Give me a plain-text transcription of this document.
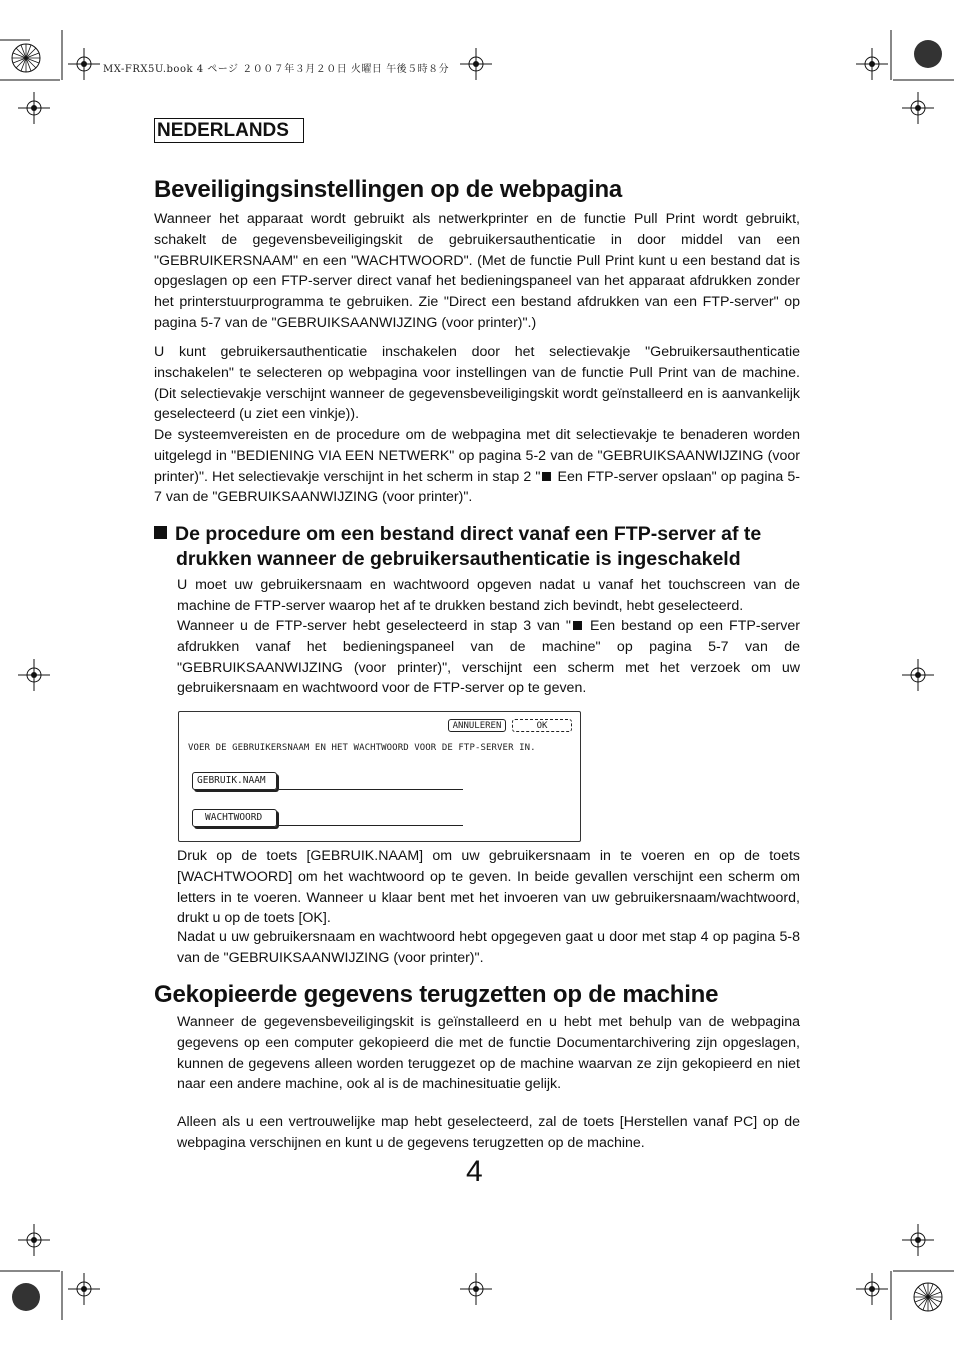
MX-FRX5U.book 4 ページ ２００７年３月２０日 火曜日 午後５時８分
NEDERLANDS
Beveiligingsinstellingen op de webpagina

Wanneer het apparaat wordt gebruikt als netwerkprinter en de functie Pull Print wordt gebruikt, schakelt de gegevensbeveiligingskit de gebruikersauthenticatie in door middel van een "GEBRUIKERSNAAM" en een "WACHTWOORD". (Met de functie Pull Print kunt u een bestand dat is opgeslagen op een FTP-server direct vanaf het bedieningspaneel van het apparaat afdrukken zonder het printerstuurprogramma te gebruiken. Zie "Direct een bestand afdrukken van een FTP-server" op pagina 5-7 van de "GEBRUIKSAANWIJZING (voor printer)".)

U kunt gebruikersauthenticatie inschakelen door het selectievakje "Gebruikersauthenticatie inschakelen" te selecteren op webpagina voor instellingen van de functie Pull Print van de machine. (Dit selectievakje verschijnt wanneer de gegevensbeveiligingskit wordt geïnstalleerd en is aanvankelijk geselecteerd (u ziet een vinkje)).

De systeemvereisten en de procedure om de webpagina met dit selectievakje te benaderen worden uitgelegd in "BEDIENING VIA EEN NETWERK" op pagina 5-2 van de "GEBRUIKSAANWIJZING (voor printer)". Het selectievakje verschijnt in het scherm in stap 2 " Een FTP-server opslaan" op pagina 5-7 van de "GEBRUIKSAANWIJZING (voor printer)".

De procedure om een bestand direct vanaf een FTP-server af te
drukken wanneer de gebruikersauthenticatie is ingeschakeld

U moet uw gebruikersnaam en wachtwoord opgeven nadat u vanaf het touchscreen van de machine de FTP-server waarop het af te drukken bestand zich bevindt, hebt geselecteerd.

Wanneer u de FTP-server hebt geselecteerd in stap 3 van " Een bestand op een FTP-server afdrukken vanaf het bedieningspaneel van de machine" op pagina 5-7 van de "GEBRUIKSAANWIJZING (voor printer)", verschijnt een scherm met het verzoek om uw gebruikersnaam en wachtwoord voor de FTP-server op te geven.

ANNULEREN	OK
VOER DE GEBRUIKERSNAAM EN HET WACHTWOORD VOOR DE FTP-SERVER IN.
GEBRUIK.NAAM
WACHTWOORD

Druk op de toets [GEBRUIK.NAAM] om uw gebruikersnaam in te voeren en op de toets [WACHTWOORD] om het wachtwoord op te geven. In beide gevallen verschijnt een scherm om letters in te voeren. Wanneer u klaar bent met het invoeren van uw gebruikersnaam/wachtwoord, drukt u op de toets [OK].

Nadat u uw gebruikersnaam en wachtwoord hebt opgegeven gaat u door met stap 4 op pagina 5-8 van de "GEBRUIKSAANWIJZING (voor printer)".

Gekopieerde gegevens terugzetten op de machine

Wanneer de gegevensbeveiligingskit is geïnstalleerd en u hebt met behulp van de webpagina gegevens op een computer gekopieerd die met de functie Documentarchivering zijn opgeslagen, kunnen de gegevens alleen worden teruggezet op de machine waarvan ze zijn gekopieerd en niet naar een andere machine, ook al is de machinesituatie gelijk.

Alleen als u een vertrouwelijke map hebt geselecteerd, zal de toets [Herstellen vanaf PC] op de webpagina verschijnen en kunt u de gegevens terugzetten op de machine.

4
